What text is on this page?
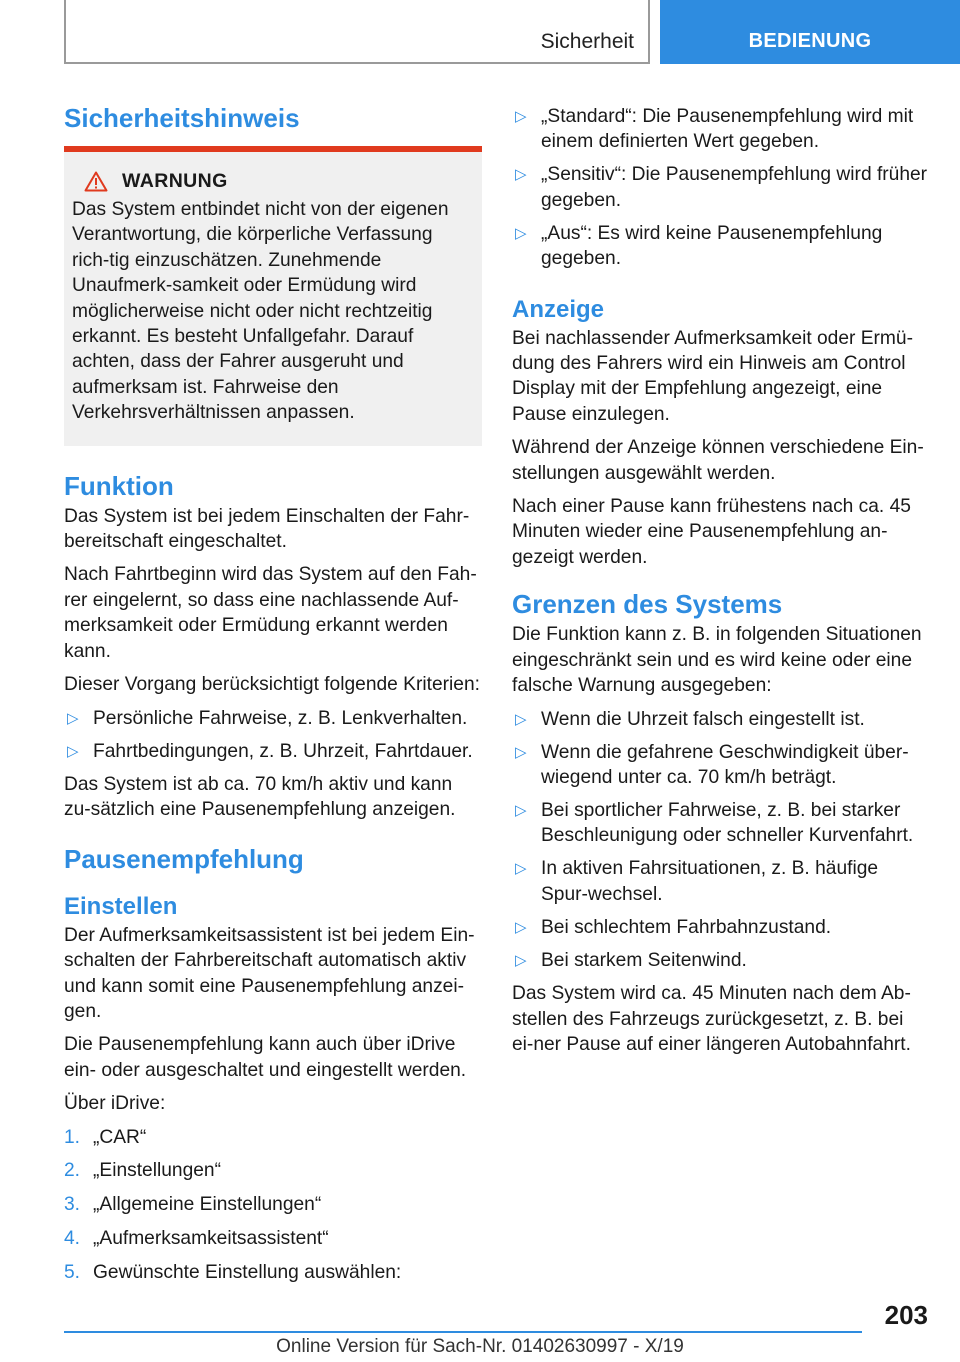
Sicherheit	BEDIENUNG
Sicherheitshinweis
WARNUNG
Das System entbindet nicht von der eigenen Verantwortung, die körperliche Verfassung rich-tig einzuschätzen. Zunehmende Unaufmerk-samkeit oder Ermüdung wird möglicherweise nicht oder nicht rechtzeitig erkannt. Es besteht Unfallgefahr. Darauf achten, dass der Fahrer ausgeruht und aufmerksam ist. Fahrweise den Verkehrsverhältnissen anpassen.
Funktion

Das System ist bei jedem Einschalten der Fahr-bereitschaft eingeschaltet.

Nach Fahrtbeginn wird das System auf den Fah-rer eingelernt, so dass eine nachlassende Auf-merksamkeit oder Ermüdung erkannt werden kann.

Dieser Vorgang berücksichtigt folgende Kriterien:

▷ Persönliche Fahrweise, z. B. Lenkverhalten.
▷ Fahrtbedingungen, z. B. Uhrzeit, Fahrtdauer.

Das System ist ab ca. 70 km/h aktiv und kann zu-sätzlich eine Pausenempfehlung anzeigen.

Pausenempfehlung
Einstellen

Der Aufmerksamkeitsassistent ist bei jedem Ein-schalten der Fahrbereitschaft automatisch aktiv und kann somit eine Pausenempfehlung anzei-gen.

Die Pausenempfehlung kann auch über iDrive ein- oder ausgeschaltet und eingestellt werden.

Über iDrive:

1. „CAR“
2. „Einstellungen“
3. „Allgemeine Einstellungen“
4. „Aufmerksamkeitsassistent“
5. Gewünschte Einstellung auswählen:
▷ „Standard“: Die Pausenempfehlung wird mit einem definierten Wert gegeben.
▷ „Sensitiv“: Die Pausenempfehlung wird früher gegeben.
▷ „Aus“: Es wird keine Pausenempfehlung gegeben.
Anzeige

Bei nachlassender Aufmerksamkeit oder Ermü-dung des Fahrers wird ein Hinweis am Control Display mit der Empfehlung angezeigt, eine Pause einzulegen.

Während der Anzeige können verschiedene Ein-stellungen ausgewählt werden.

Nach einer Pause kann frühestens nach ca. 45 Minuten wieder eine Pausenempfehlung an-gezeigt werden.

Grenzen des Systems

Die Funktion kann z. B. in folgenden Situationen eingeschränkt sein und es wird keine oder eine falsche Warnung ausgegeben:

▷ Wenn die Uhrzeit falsch eingestellt ist.
▷ Wenn die gefahrene Geschwindigkeit über-wiegend unter ca. 70 km/h beträgt.
▷ Bei sportlicher Fahrweise, z. B. bei starker Beschleunigung oder schneller Kurvenfahrt.
▷ In aktiven Fahrsituationen, z. B. häufige Spur-wechsel.
▷ Bei schlechtem Fahrbahnzustand.
▷ Bei starkem Seitenwind.

Das System wird ca. 45 Minuten nach dem Ab-stellen des Fahrzeugs zurückgesetzt, z. B. bei ei-ner Pause auf einer längeren Autobahnfahrt.

203
Online Version für Sach-Nr. 01402630997 - X/19
